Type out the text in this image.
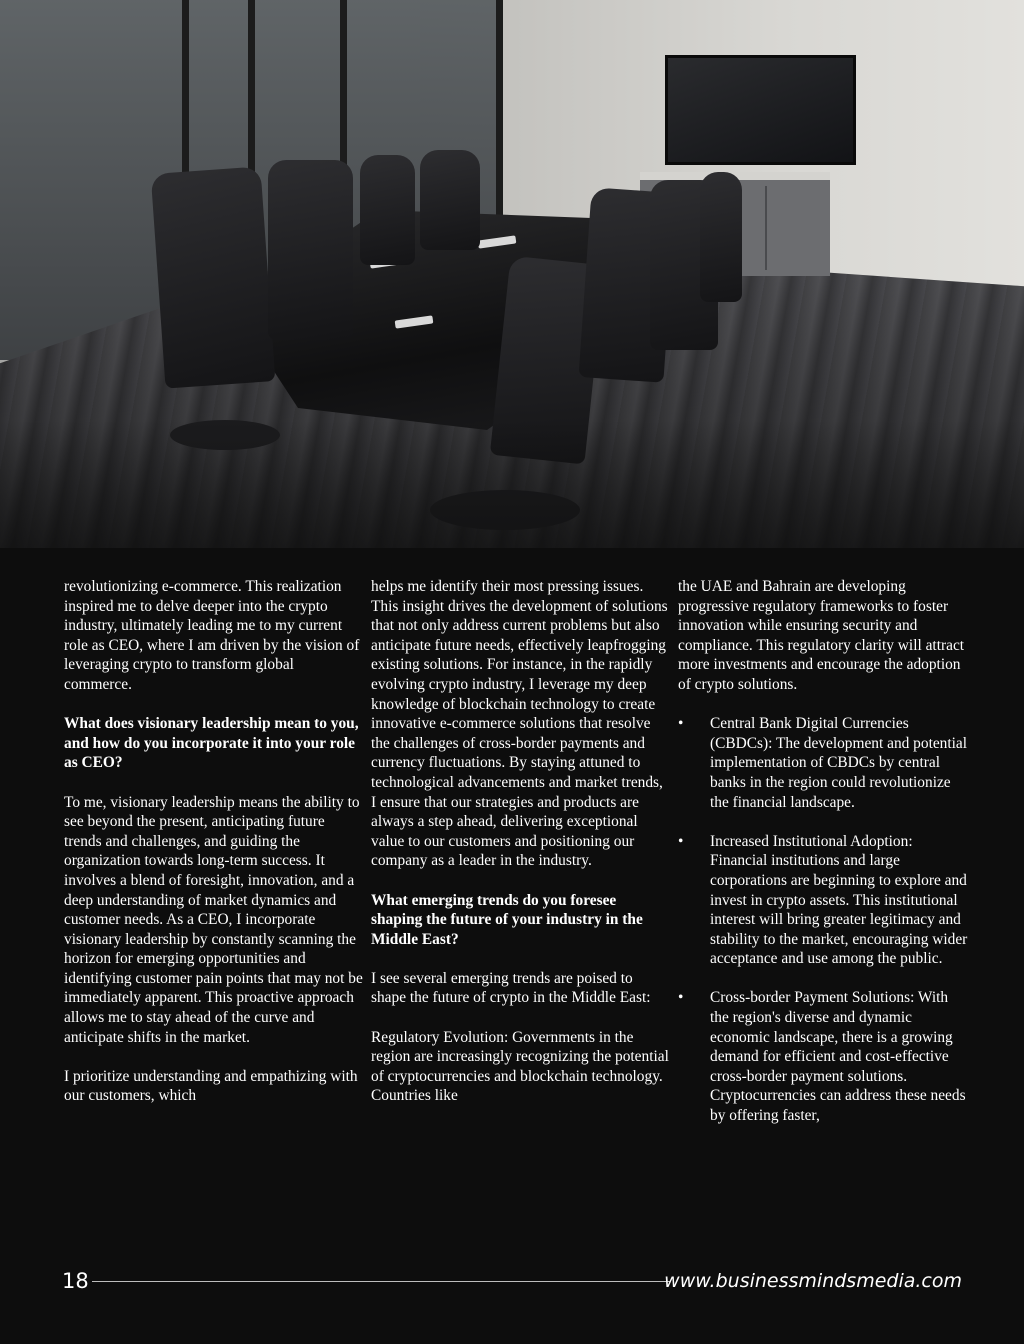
revolutionizing e-commerce. This realization inspired me to delve deeper into the crypto industry, ultimately leading me to my current role as CEO, where I am driven by the vision of leveraging crypto to transform global commerce.

What does visionary leadership mean to you, and how do you incorporate it into your role as CEO?

To me, visionary leadership means the ability to see beyond the present, anticipating future trends and challenges, and guiding the organization towards long-term success. It involves a blend of foresight, innovation, and a deep understanding of market dynamics and customer needs. As a CEO, I incorporate visionary leadership by constantly scanning the horizon for emerging opportunities and identifying customer pain points that may not be immediately apparent. This proactive approach allows me to stay ahead of the curve and anticipate shifts in the market.

I prioritize understanding and empathizing with our customers, which

helps me identify their most pressing issues. This insight drives the development of solutions that not only address current problems but also anticipate future needs, effectively leapfrogging existing solutions. For instance, in the rapidly evolving crypto industry, I leverage my deep knowledge of blockchain technology to create innovative e-commerce solutions that resolve the challenges of cross-border payments and currency fluctuations. By staying attuned to technological advancements and market trends, I ensure that our strategies and products are always a step ahead, delivering exceptional value to our customers and positioning our company as a leader in the industry.

What emerging trends do you foresee shaping the future of your industry in the Middle East?

I see several emerging trends are poised to shape the future of crypto in the Middle East:

Regulatory Evolution: Governments in the region are increasingly recognizing the potential of cryptocurrencies and blockchain technology. Countries like

the UAE and Bahrain are developing progressive regulatory frameworks to foster innovation while ensuring security and compliance. This regulatory clarity will attract more investments and encourage the adoption of crypto solutions.

• Central Bank Digital Currencies (CBDCs): The development and potential implementation of CBDCs by central banks in the region could revolutionize the financial landscape.
• Increased Institutional Adoption: Financial institutions and large corporations are beginning to explore and invest in crypto assets. This institutional interest will bring greater legitimacy and stability to the market, encouraging wider acceptance and use among the public.
• Cross-border Payment Solutions: With the region's diverse and dynamic economic landscape, there is a growing demand for efficient and cost-effective cross-border payment solutions. Cryptocurrencies can address these needs by offering faster,
18	www.businessmindsmedia.com
